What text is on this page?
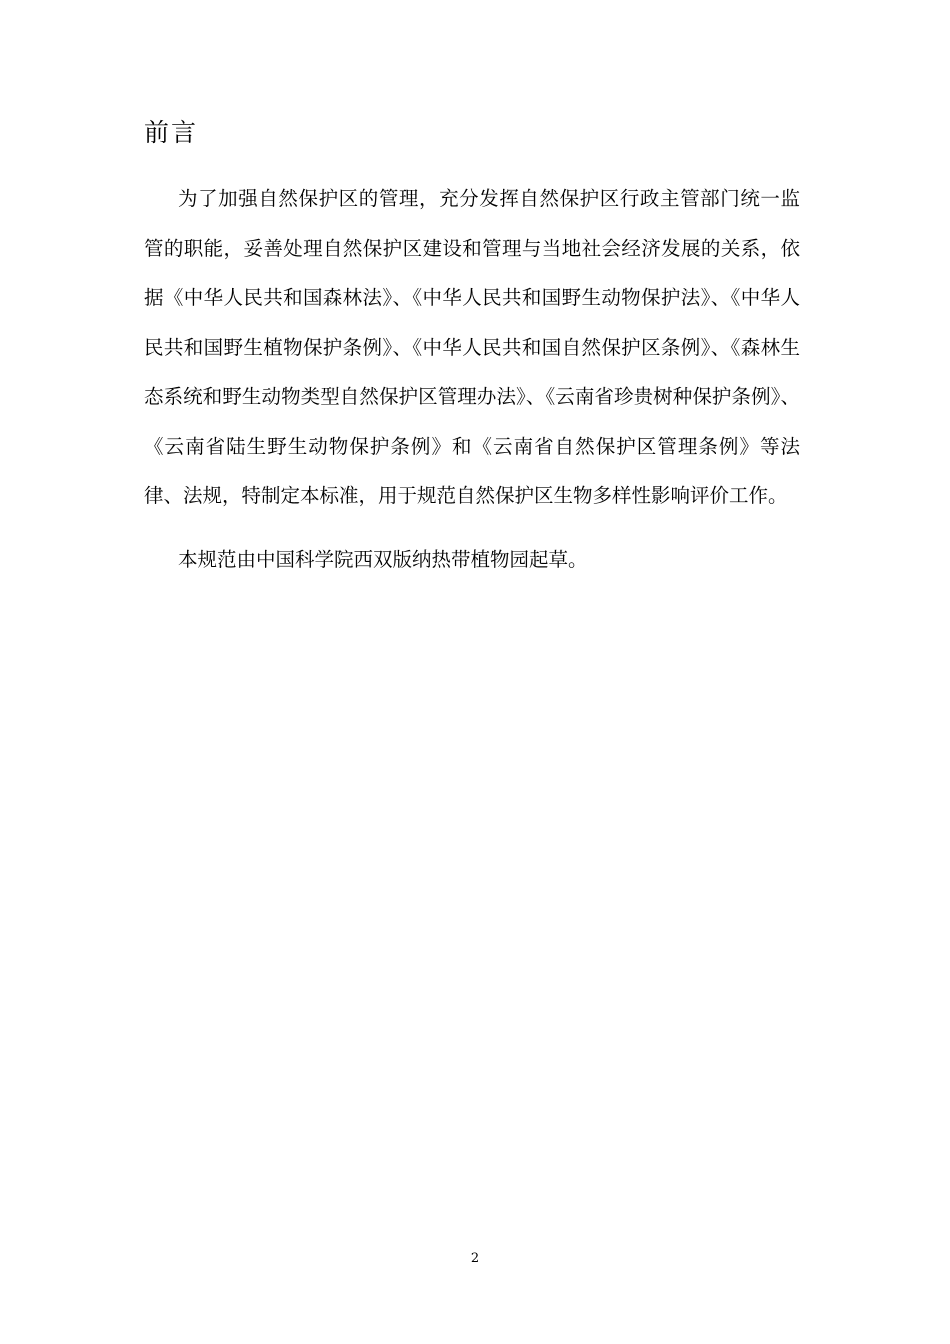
前言

为了加强自然保护区的管理，充分发挥自然保护区行政主管部门统一监管的职能，妥善处理自然保护区建设和管理与当地社会经济发展的关系，依据《中华人民共和国森林法》、《中华人民共和国野生动物保护法》、《中华人民共和国野生植物保护条例》、《中华人民共和国自然保护区条例》、《森林生态系统和野生动物类型自然保护区管理办法》、《云南省珍贵树种保护条例》、《云南省陆生野生动物保护条例》和《云南省自然保护区管理条例》等法律、法规，特制定本标准，用于规范自然保护区生物多样性影响评价工作。

本规范由中国科学院西双版纳热带植物园起草。

2
